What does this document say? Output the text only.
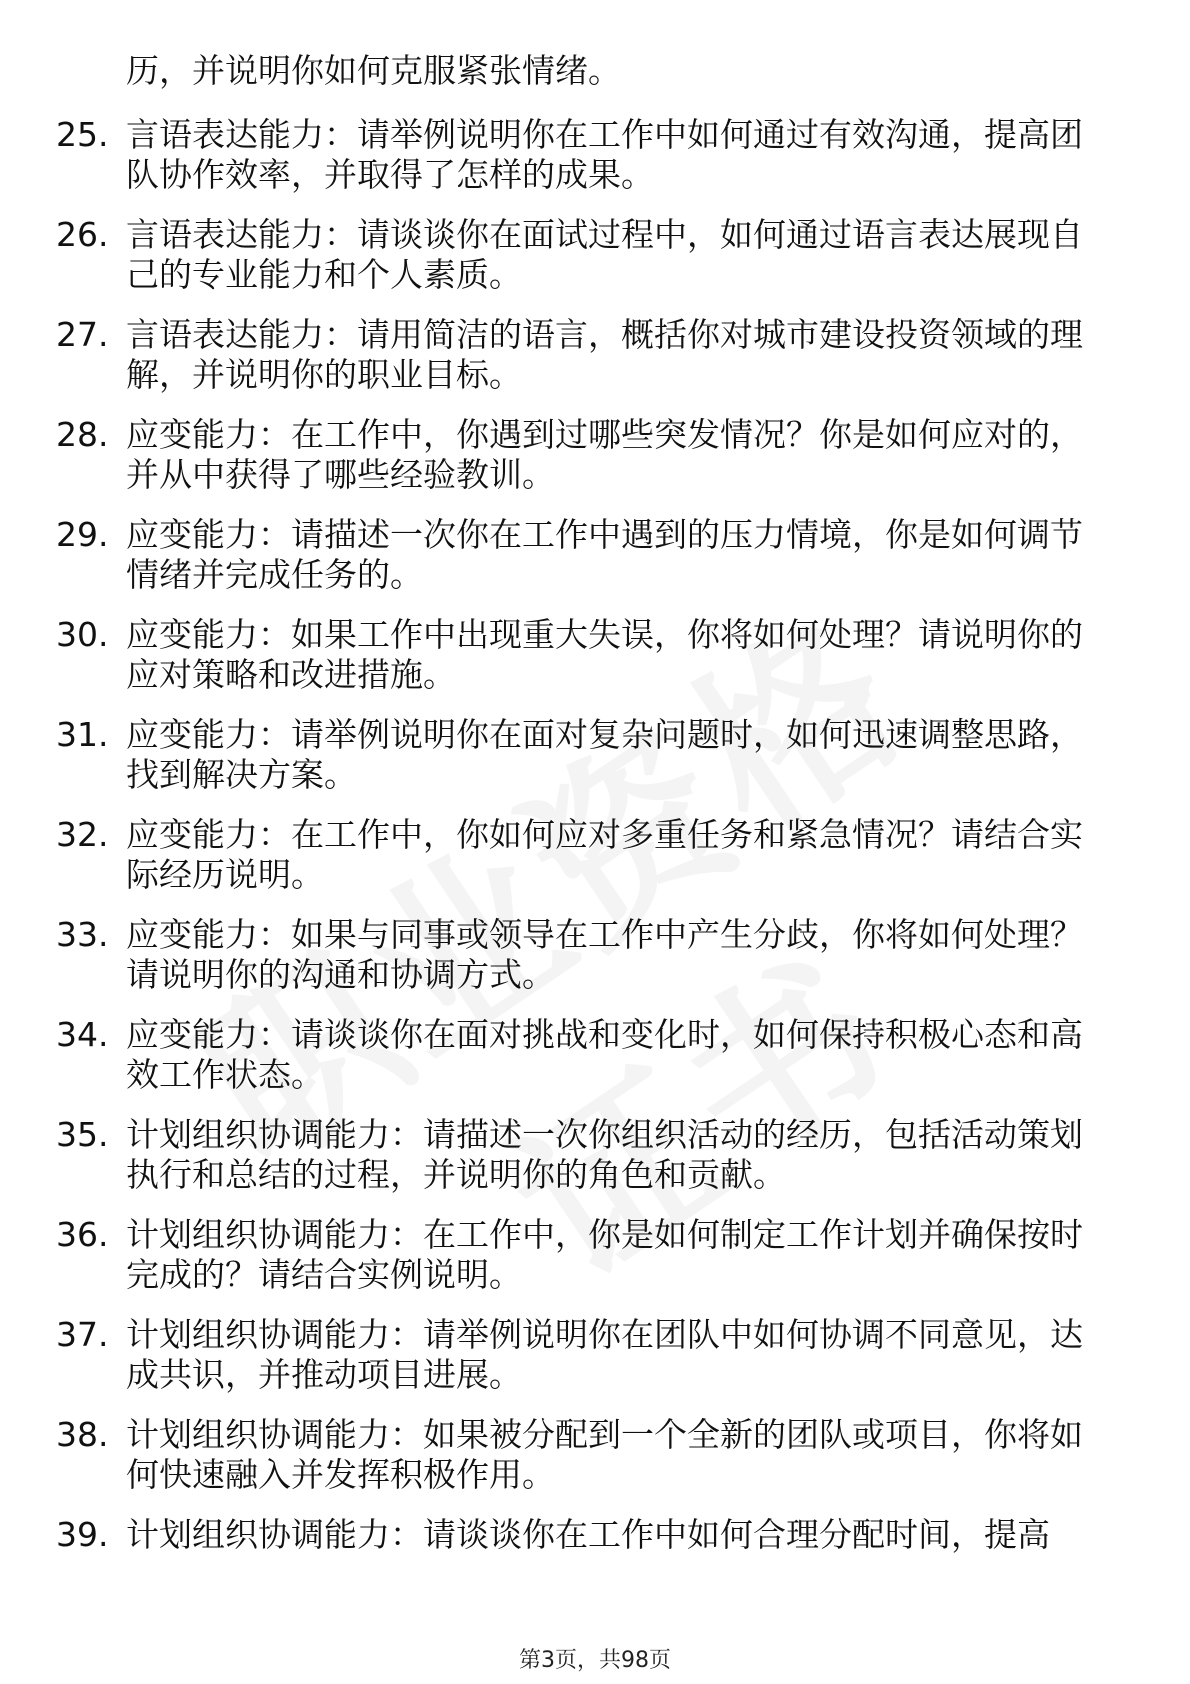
历，并说明你如何克服紧张情绪。
25. 言语表达能力：请举例说明你在工作中如何通过有效沟通，提高团队协作效率，并取得了怎样的成果。
26. 言语表达能力：请谈谈你在面试过程中，如何通过语言表达展现自己的专业能力和个人素质。
27. 言语表达能力：请用简洁的语言，概括你对城市建设投资领域的理解，并说明你的职业目标。
28. 应变能力：在工作中，你遇到过哪些突发情况？你是如何应对的，并从中获得了哪些经验教训。
29. 应变能力：请描述一次你在工作中遇到的压力情境，你是如何调节情绪并完成任务的。
30. 应变能力：如果工作中出现重大失误，你将如何处理？请说明你的应对策略和改进措施。
31. 应变能力：请举例说明你在面对复杂问题时，如何迅速调整思路，找到解决方案。
32. 应变能力：在工作中，你如何应对多重任务和紧急情况？请结合实际经历说明。
33. 应变能力：如果与同事或领导在工作中产生分歧，你将如何处理？请说明你的沟通和协调方式。
34. 应变能力：请谈谈你在面对挑战和变化时，如何保持积极心态和高效工作状态。
35. 计划组织协调能力：请描述一次你组织活动的经历，包括活动策划执行和总结的过程，并说明你的角色和贡献。
36. 计划组织协调能力：在工作中，你是如何制定工作计划并确保按时完成的？请结合实例说明。
37. 计划组织协调能力：请举例说明你在团队中如何协调不同意见，达成共识，并推动项目进展。
38. 计划组织协调能力：如果被分配到一个全新的团队或项目，你将如何快速融入并发挥积极作用。
39. 计划组织协调能力：请谈谈你在工作中如何合理分配时间，提高
第3页，共98页
